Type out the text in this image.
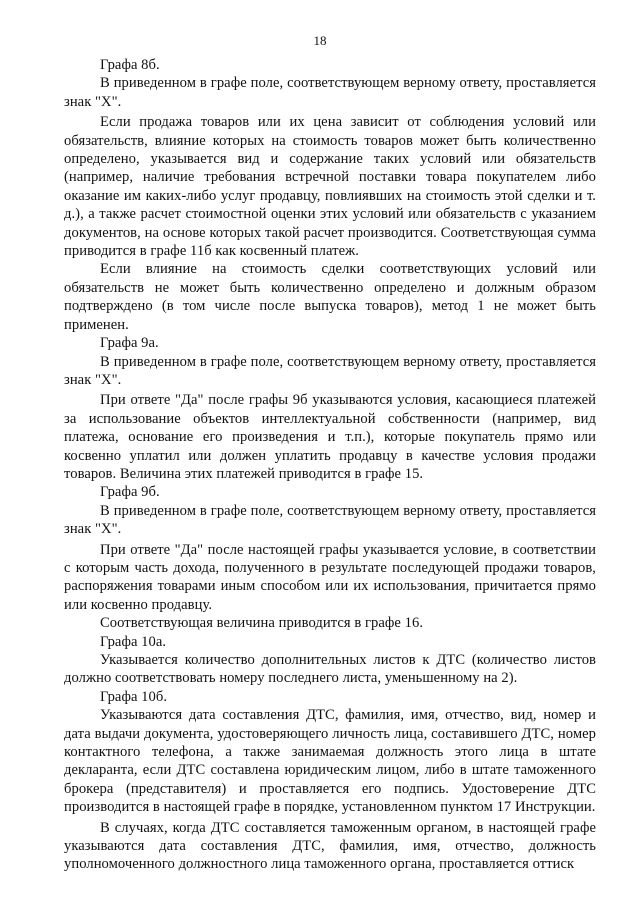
18

Графа 8б.

В приведенном в графе поле, соответствующем верному ответу, проставляется знак "X".

Если продажа товаров или их цена зависит от соблюдения условий или обязательств, влияние которых на стоимость товаров может быть количественно определено, указывается вид и содержание таких условий или обязательств (например, наличие требования встречной поставки товара покупателем либо оказание им каких-либо услуг продавцу, повлиявших на стоимость этой сделки и т. д.), а также расчет стоимостной оценки этих условий или обязательств с указанием документов, на основе которых такой расчет производится. Соответствующая сумма приводится в графе 11б как косвенный платеж.

Если влияние на стоимость сделки соответствующих условий или обязательств не может быть количественно определено и должным образом подтверждено (в том числе после выпуска товаров), метод 1 не может быть применен.

Графа 9а.

В приведенном в графе поле, соответствующем верному ответу, проставляется знак "X".

При ответе "Да" после графы 9б указываются условия, касающиеся платежей за использование объектов интеллектуальной собственности (например, вид платежа, основание его произведения и т.п.), которые покупатель прямо или косвенно уплатил или должен уплатить продавцу в качестве условия продажи товаров. Величина этих платежей приводится в графе 15.

Графа 9б.

В приведенном в графе поле, соответствующем верному ответу, проставляется знак "X".

При ответе "Да" после настоящей графы указывается условие, в соответствии с которым часть дохода, полученного в результате последующей продажи товаров, распоряжения товарами иным способом или их использования, причитается прямо или косвенно продавцу.

Соответствующая величина приводится в графе 16.

Графа 10а.

Указывается количество дополнительных листов к ДТС (количество листов должно соответствовать номеру последнего листа, уменьшенному на 2).

Графа 10б.

Указываются дата составления ДТС, фамилия, имя, отчество, вид, номер и дата выдачи документа, удостоверяющего личность лица, составившего ДТС, номер контактного телефона, а также занимаемая должность этого лица в штате декларанта, если ДТС составлена юридическим лицом, либо в штате таможенного брокера (представителя) и проставляется его подпись. Удостоверение ДТС производится в настоящей графе в порядке, установленном пунктом 17 Инструкции.

В случаях, когда ДТС составляется таможенным органом, в настоящей графе указываются дата составления ДТС, фамилия, имя, отчество, должность уполномоченного должностного лица таможенного органа, проставляется оттиск
